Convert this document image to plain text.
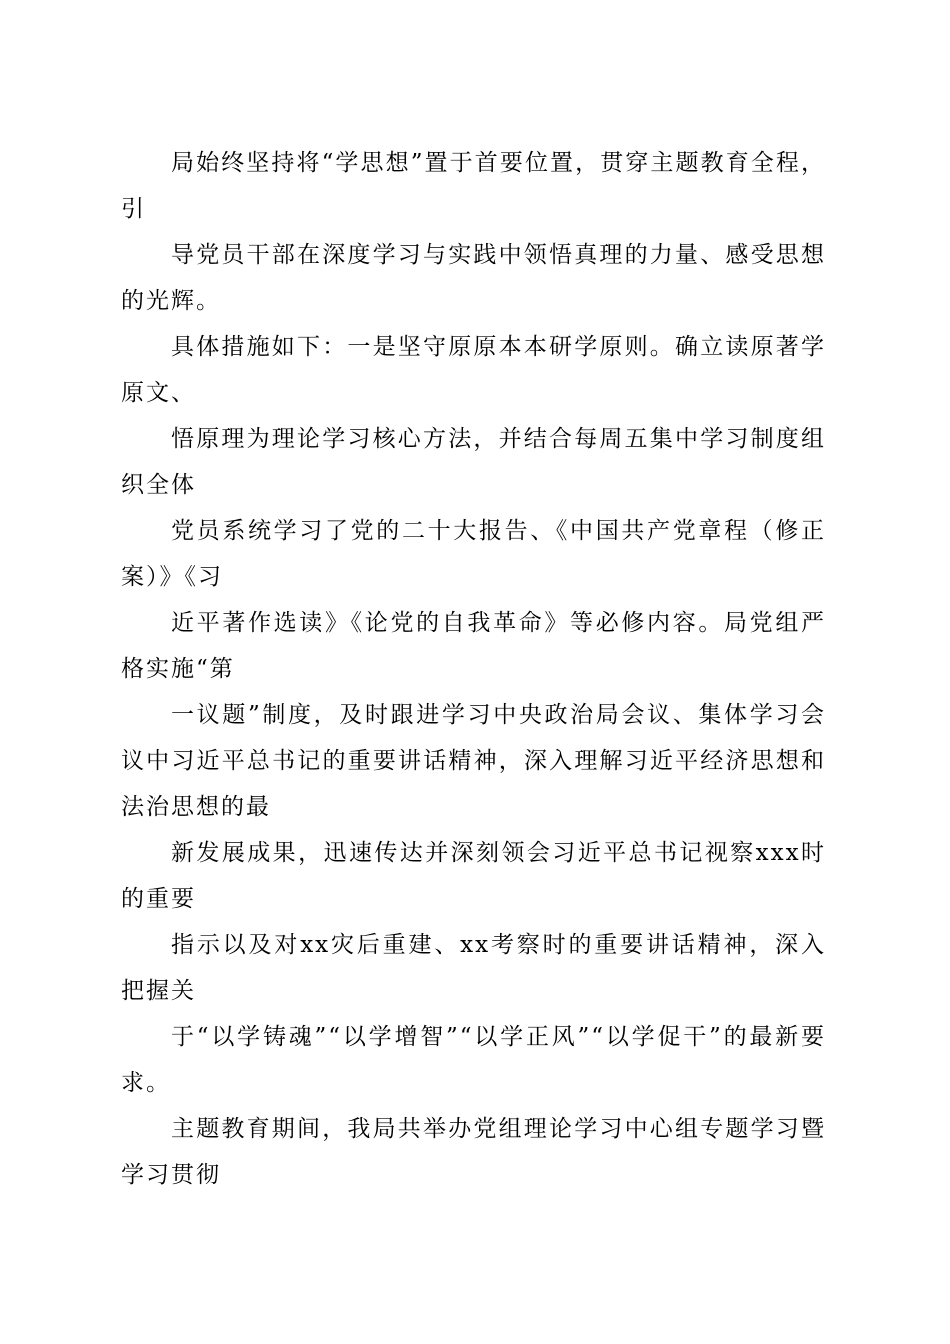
局始终坚持将“学思想”置于首要位置，贯穿主题教育全程，引

导党员干部在深度学习与实践中领悟真理的力量、感受思想的光辉。

具体措施如下：一是坚守原原本本研学原则。确立读原著学原文、

悟原理为理论学习核心方法，并结合每周五集中学习制度组织全体

党员系统学习了党的二十大报告、《中国共产党章程（修正案）》《习

近平著作选读》《论党的自我革命》等必修内容。局党组严格实施“第

一议题”制度，及时跟进学习中央政治局会议、集体学习会议中习近平总书记的重要讲话精神，深入理解习近平经济思想和法治思想的最

新发展成果，迅速传达并深刻领会习近平总书记视察xxx时的重要

指示以及对xx灾后重建、xx考察时的重要讲话精神，深入把握关

于“以学铸魂”“以学增智”“以学正风”“以学促干”的最新要求。

主题教育期间，我局共举办党组理论学习中心组专题学习暨学习贯彻
